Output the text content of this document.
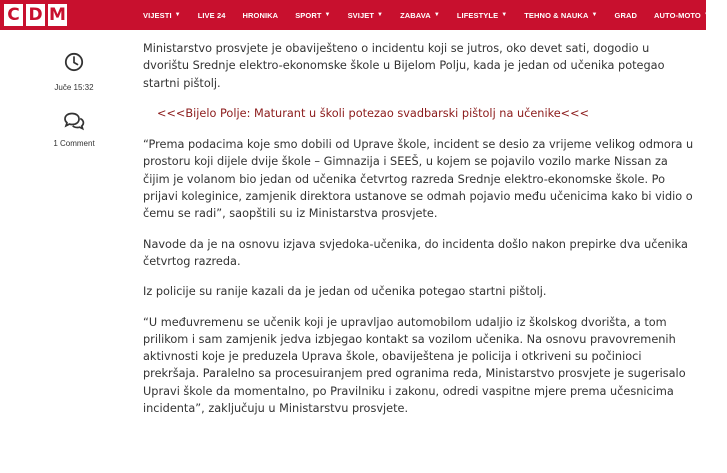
C D M	VIJESTI ▼ LIVE 24 HRONIKA SPORT ▼ SVIJET ▼ ZABAVA ▼ LIFESTYLE ▼ TEHNO & NAUKA ▼ GRAD AUTO-MOTO ▼
Juče 15:32
1 Comment

Ministarstvo prosvjete je obaviješteno o incidentu koji se jutros, oko devet sati, dogodio u dvorištu Srednje elektro-ekonomske škole u Bijelom Polju, kada je jedan od učenika potegao startni pištolj.

<<<Bijelo Polje: Maturant u školi potezao svadbarski pištolj na učenike<<<

“Prema podacima koje smo dobili od Uprave škole, incident se desio za vrijeme velikog odmora u prostoru koji dijele dvije škole – Gimnazija i SEEŠ, u kojem se pojavilo vozilo marke Nissan za čijim je volanom bio jedan od učenika četvrtog razreda Srednje elektro-ekonomske škole. Po prijavi koleginice, zamjenik direktora ustanove se odmah pojavio među učenicima kako bi vidio o čemu se radi”, saopštili su iz Ministarstva prosvjete.

Navode da je na osnovu izjava svjedoka-učenika, do incidenta došlo nakon prepirke dva učenika četvrtog razreda.

Iz policije su ranije kazali da je jedan od učenika potegao startni pištolj.

“U međuvremenu se učenik koji je upravljao automobilom udaljio iz školskog dvorišta, a tom prilikom i sam zamjenik jedva izbjegao kontakt sa vozilom učenika. Na osnovu pravovremenih aktivnosti koje je preduzela Uprava škole, obaviještena je policija i otkriveni su počinioci prekršaja. Paralelno sa procesuiranjem pred ogranima reda, Ministarstvo prosvjete je sugerisalo Upravi škole da momentalno, po Pravilniku i zakonu, odredi vaspitne mjere prema učesnicima incidenta”, zaključuju u Ministarstvu prosvjete.
